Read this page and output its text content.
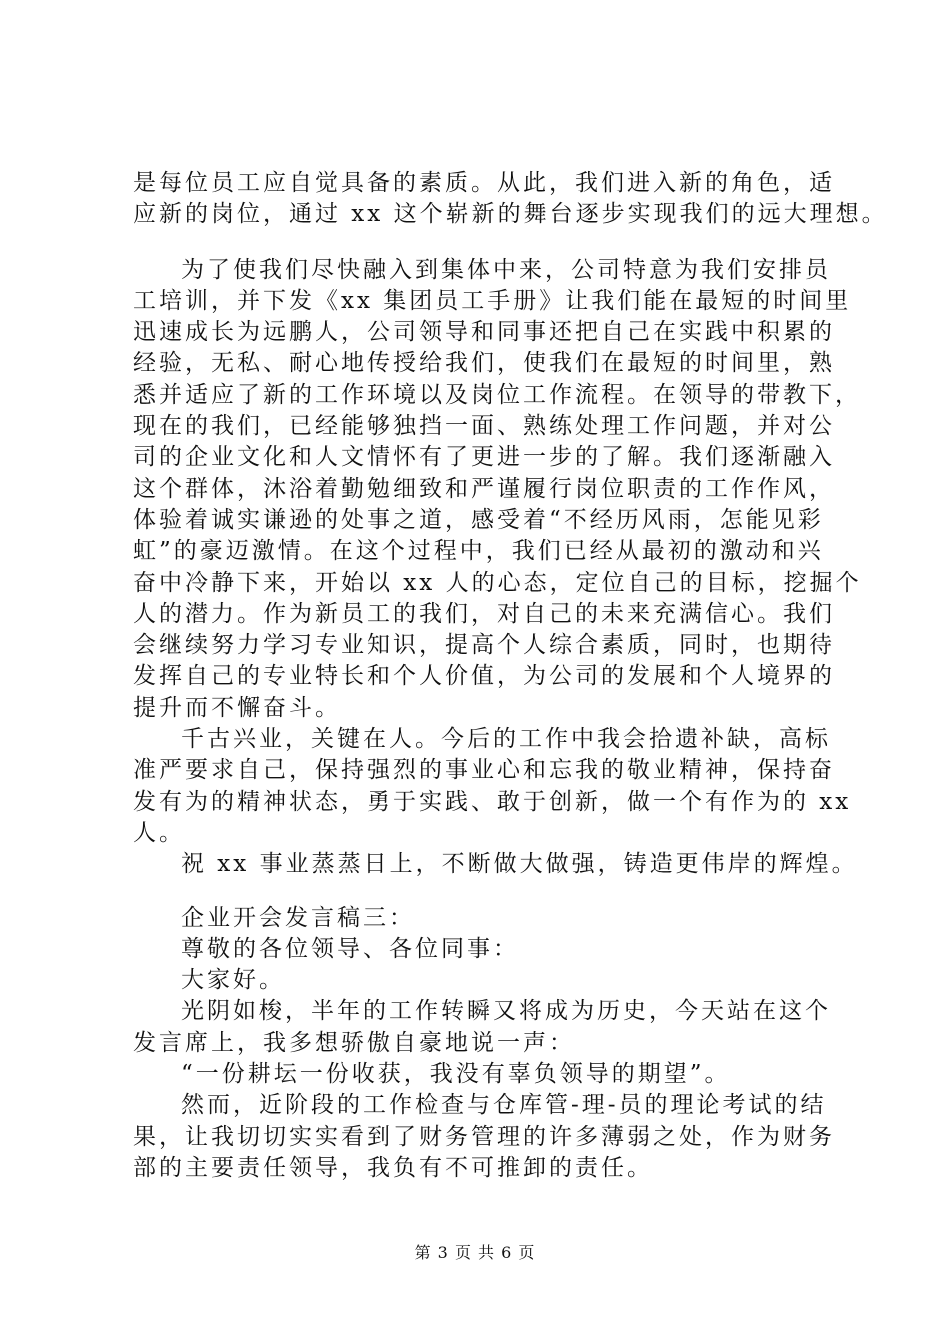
是每位员工应自觉具备的素质。从此，我们进入新的角色，适
应新的岗位，通过 xx 这个崭新的舞台逐步实现我们的远大理想。
为了使我们尽快融入到集体中来，公司特意为我们安排员
工培训，并下发《xx 集团员工手册》让我们能在最短的时间里
迅速成长为远鹏人，公司领导和同事还把自己在实践中积累的
经验，无私、耐心地传授给我们，使我们在最短的时间里，熟
悉并适应了新的工作环境以及岗位工作流程。在领导的带教下，
现在的我们，已经能够独挡一面、熟练处理工作问题，并对公
司的企业文化和人文情怀有了更进一步的了解。我们逐渐融入
这个群体，沐浴着勤勉细致和严谨履行岗位职责的工作作风，
体验着诚实谦逊的处事之道，感受着“不经历风雨，怎能见彩
虹”的豪迈激情。在这个过程中，我们已经从最初的激动和兴
奋中冷静下来，开始以 xx 人的心态，定位自己的目标，挖掘个
人的潜力。作为新员工的我们，对自己的未来充满信心。我们
会继续努力学习专业知识，提高个人综合素质，同时，也期待
发挥自己的专业特长和个人价值，为公司的发展和个人境界的
提升而不懈奋斗。
千古兴业，关键在人。今后的工作中我会拾遗补缺，高标
准严要求自己，保持强烈的事业心和忘我的敬业精神，保持奋
发有为的精神状态，勇于实践、敢于创新，做一个有作为的 xx
人。
祝 xx 事业蒸蒸日上，不断做大做强，铸造更伟岸的辉煌。
企业开会发言稿三：
尊敬的各位领导、各位同事：
大家好。
光阴如梭，半年的工作转瞬又将成为历史，今天站在这个
发言席上，我多想骄傲自豪地说一声：
“一份耕坛一份收获，我没有辜负领导的期望”。
然而，近阶段的工作检查与仓库管-理-员的理论考试的结
果，让我切切实实看到了财务管理的许多薄弱之处，作为财务
部的主要责任领导，我负有不可推卸的责任。
第 3 页 共 6 页
